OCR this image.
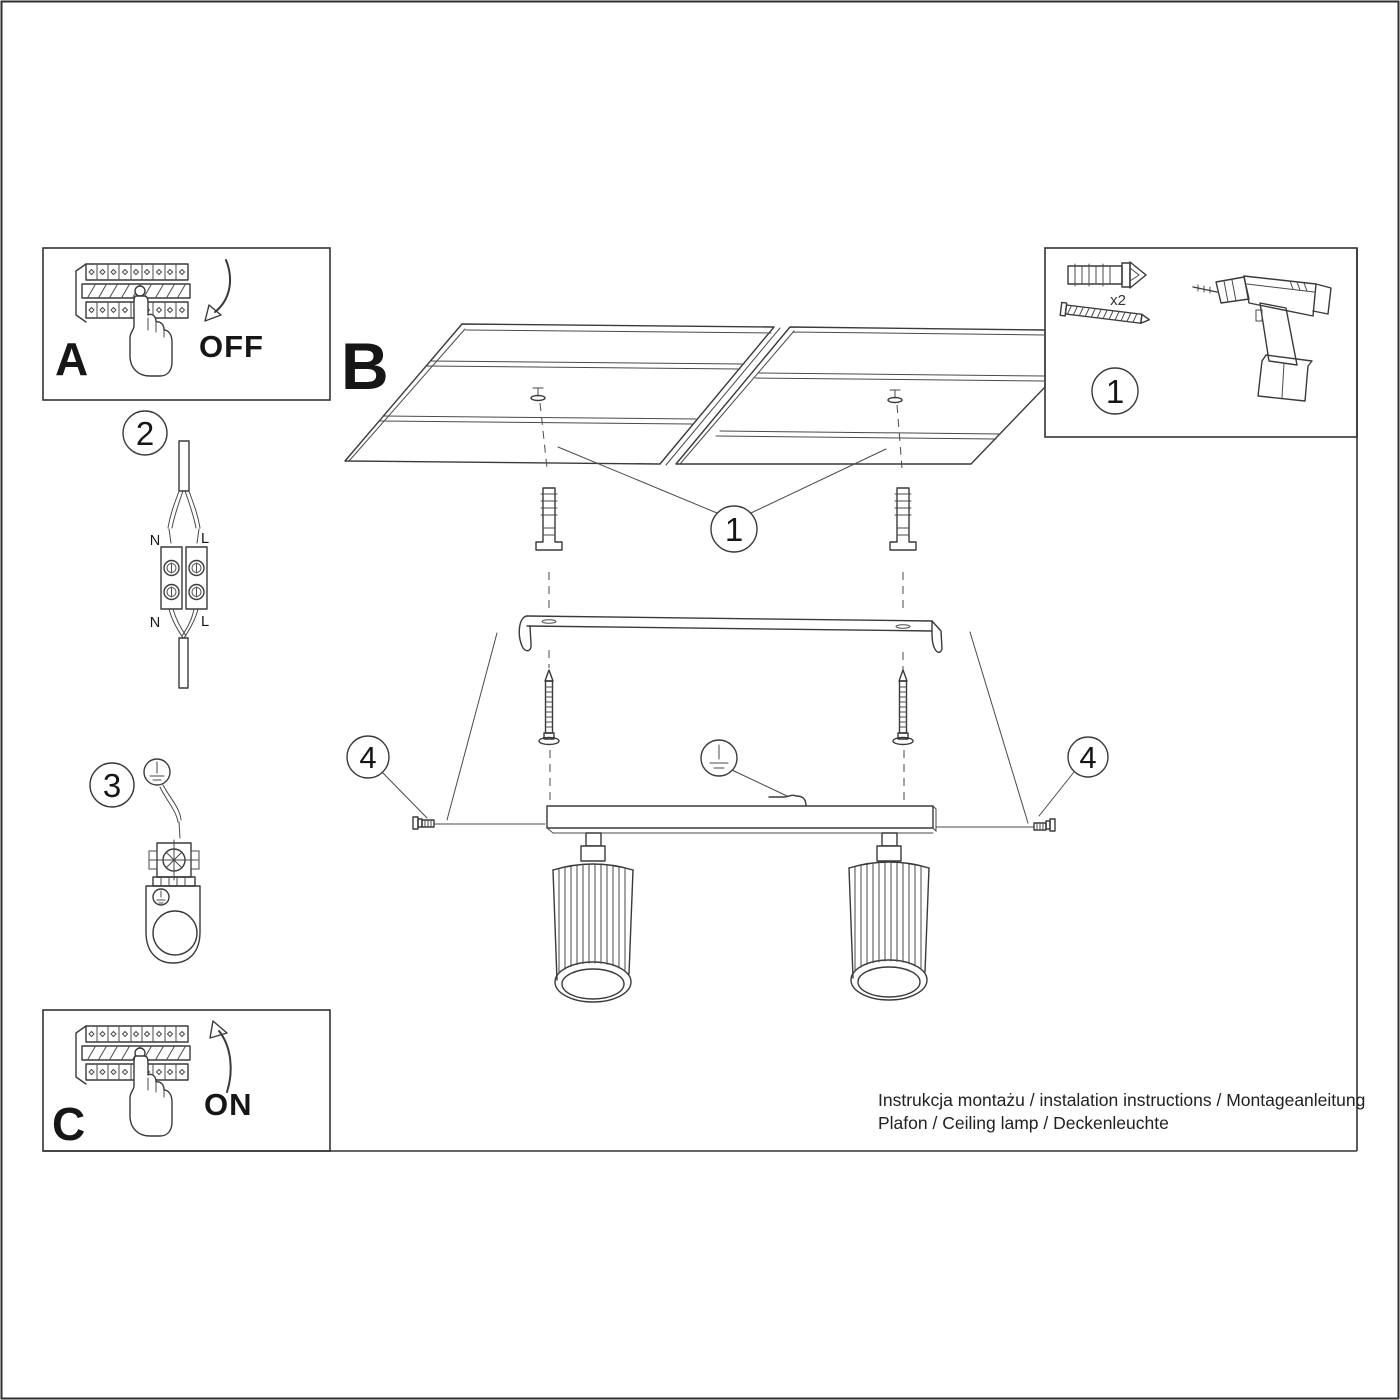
A	OFF
2
N	L
N	L
3
C	ON
x2
1
B
1
4	4
Instrukcja montażu / instalation instructions / Montageanleitung
Plafon / Ceiling lamp / Deckenleuchte
